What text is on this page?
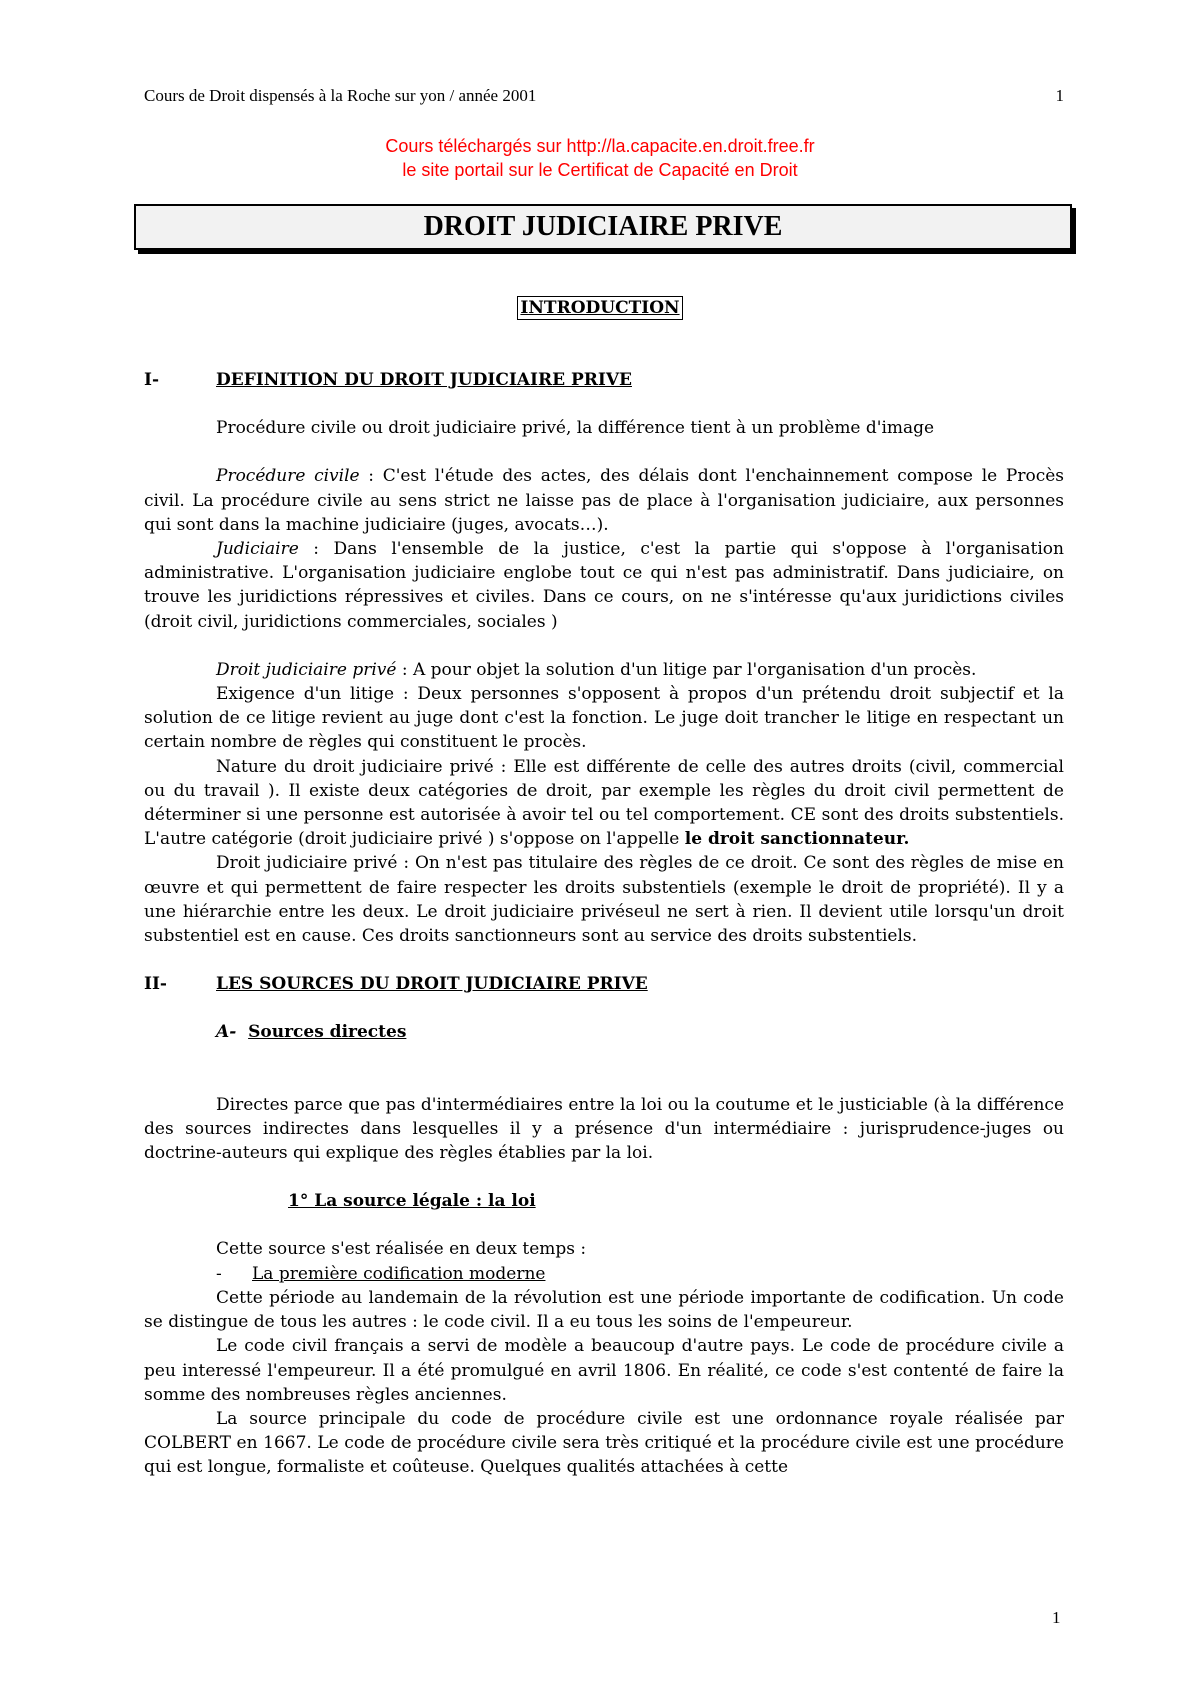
Cours de Droit dispensés à la Roche sur yon / année 2001	1
Cours téléchargés sur http://la.capacite.en.droit.free.fr
le site portail sur le Certificat de Capacité en Droit
DROIT JUDICIAIRE PRIVE
INTRODUCTION
I-	DEFINITION DU DROIT JUDICIAIRE PRIVE

Procédure civile ou droit judiciaire privé, la différence tient à un problème d'image

Procédure civile : C'est l'étude des actes, des délais dont l'enchainnement compose le Procès civil. La procédure civile au sens strict ne laisse pas de place à l'organisation judiciaire, aux personnes qui sont dans la machine judiciaire (juges, avocats…).

Judiciaire : Dans l'ensemble de la justice, c'est la partie qui s'oppose à l'organisation administrative. L'organisation judiciaire englobe tout ce qui n'est pas administratif. Dans judiciaire, on trouve les juridictions répressives et civiles. Dans ce cours, on ne s'intéresse qu'aux juridictions civiles (droit civil, juridictions commerciales, sociales )

Droit judiciaire privé : A pour objet la solution d'un litige par l'organisation d'un procès.

Exigence d'un litige : Deux personnes s'opposent à propos d'un prétendu droit subjectif et la solution de ce litige revient au juge dont c'est la fonction. Le juge doit trancher le litige en respectant un certain nombre de règles qui constituent le procès.

Nature du droit judiciaire privé : Elle est différente de celle des autres droits (civil, commercial ou du travail ). Il existe deux catégories de droit, par exemple les règles du droit civil permettent de déterminer si une personne est autorisée à avoir tel ou tel comportement. CE sont des droits substentiels. L'autre catégorie (droit judiciaire privé ) s'oppose on l'appelle le droit sanctionnateur.

Droit judiciaire privé : On n'est pas titulaire des règles de ce droit. Ce sont des règles de mise en œuvre et qui permettent de faire respecter les droits substentiels (exemple le droit de propriété). Il y a une hiérarchie entre les deux. Le droit judiciaire privéseul ne sert à rien. Il devient utile lorsqu'un droit substentiel est en cause. Ces droits sanctionneurs sont au service des droits substentiels.

II-	LES SOURCES DU DROIT JUDICIAIRE PRIVE
A- Sources directes

Directes parce que pas d'intermédiaires entre la loi ou la coutume et le justiciable (à la différence des sources indirectes dans lesquelles il y a présence d'un intermédiaire : jurisprudence-juges ou doctrine-auteurs qui explique des règles établies par la loi.

1° La source légale : la loi

Cette source s'est réalisée en deux temps :

- La première codification moderne

Cette période au landemain de la révolution est une période importante de codification. Un code se distingue de tous les autres : le code civil. Il a eu tous les soins de l'empeureur.

Le code civil français a servi de modèle a beaucoup d'autre pays. Le code de procédure civile a peu interessé l'empeureur. Il a été promulgué en avril 1806. En réalité, ce code s'est contenté de faire la somme des nombreuses règles anciennes.

La source principale du code de procédure civile est une ordonnance royale réalisée par COLBERT en 1667. Le code de procédure civile sera très critiqué et la procédure civile est une procédure qui est longue, formaliste et coûteuse. Quelques qualités attachées à cette

1
